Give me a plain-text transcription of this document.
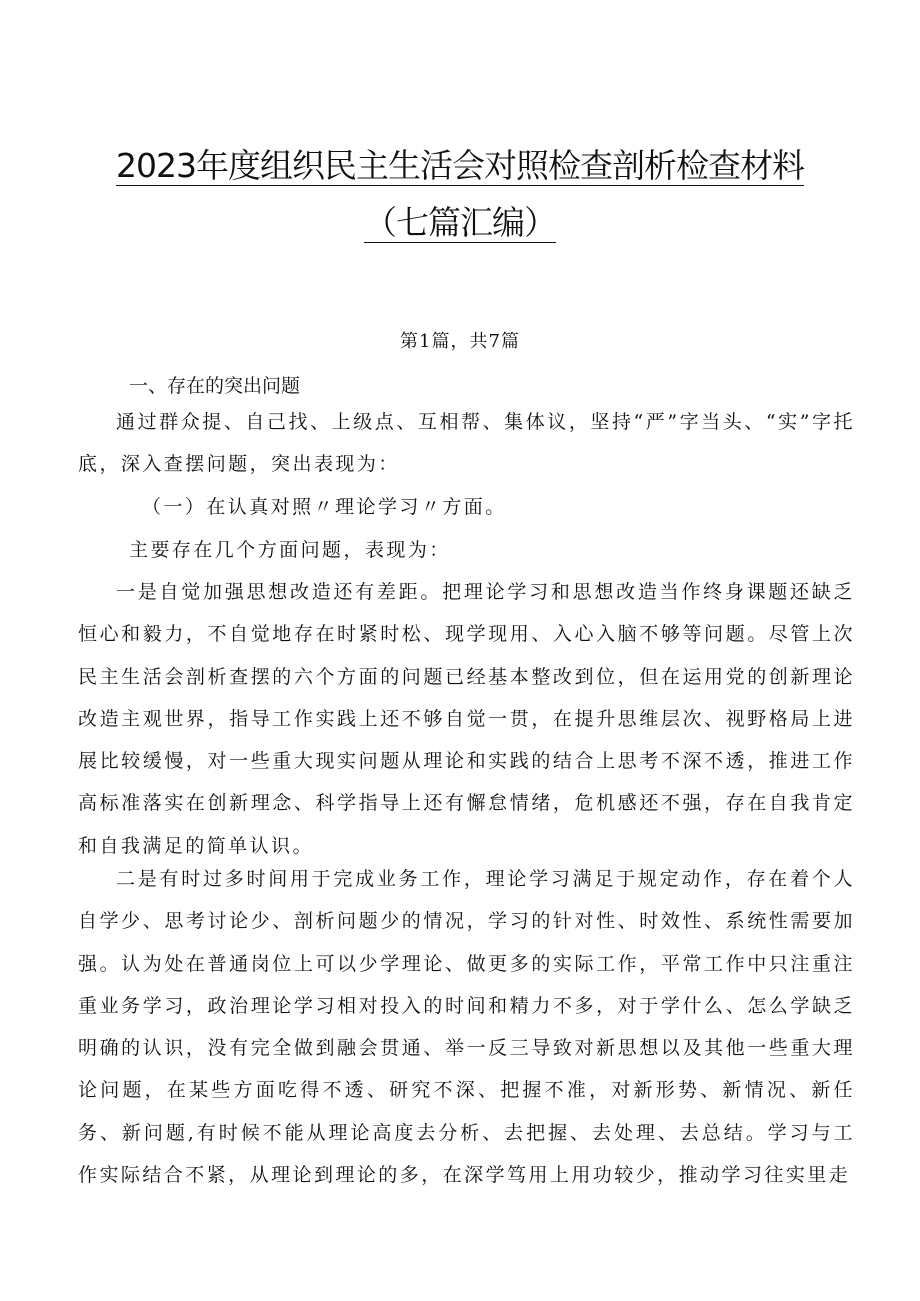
2023年度组织民主生活会对照检查剖析检查材料
（七篇汇编）
第1篇，共7篇
一、存在的突出问题
通过群众提、自己找、上级点、互相帮、集体议，坚持“严”字当头、“实”字托底，深入查摆问题，突出表现为：
（一）在认真对照〃理论学习〃方面。
主要存在几个方面问题，表现为：
一是自觉加强思想改造还有差距。把理论学习和思想改造当作终身课题还缺乏恒心和毅力，不自觉地存在时紧时松、现学现用、入心入脑不够等问题。尽管上次民主生活会剖析查摆的六个方面的问题已经基本整改到位，但在运用党的创新理论改造主观世界，指导工作实践上还不够自觉一贯，在提升思维层次、视野格局上进展比较缓慢，对一些重大现实问题从理论和实践的结合上思考不深不透，推进工作高标准落实在创新理念、科学指导上还有懈怠情绪，危机感还不强，存在自我肯定和自我满足的简单认识。
二是有时过多时间用于完成业务工作，理论学习满足于规定动作，存在着个人自学少、思考讨论少、剖析问题少的情况，学习的针对性、时效性、系统性需要加强。认为处在普通岗位上可以少学理论、做更多的实际工作，平常工作中只注重注重业务学习，政治理论学习相对投入的时间和精力不多，对于学什么、怎么学缺乏明确的认识，没有完全做到融会贯通、举一反三导致对新思想以及其他一些重大理论问题，在某些方面吃得不透、研究不深、把握不准，对新形势、新情况、新任务、新问题,有时候不能从理论高度去分析、去把握、去处理、去总结。学习与工作实际结合不紧，从理论到理论的多，在深学笃用上用功较少，推动学习往实里走
